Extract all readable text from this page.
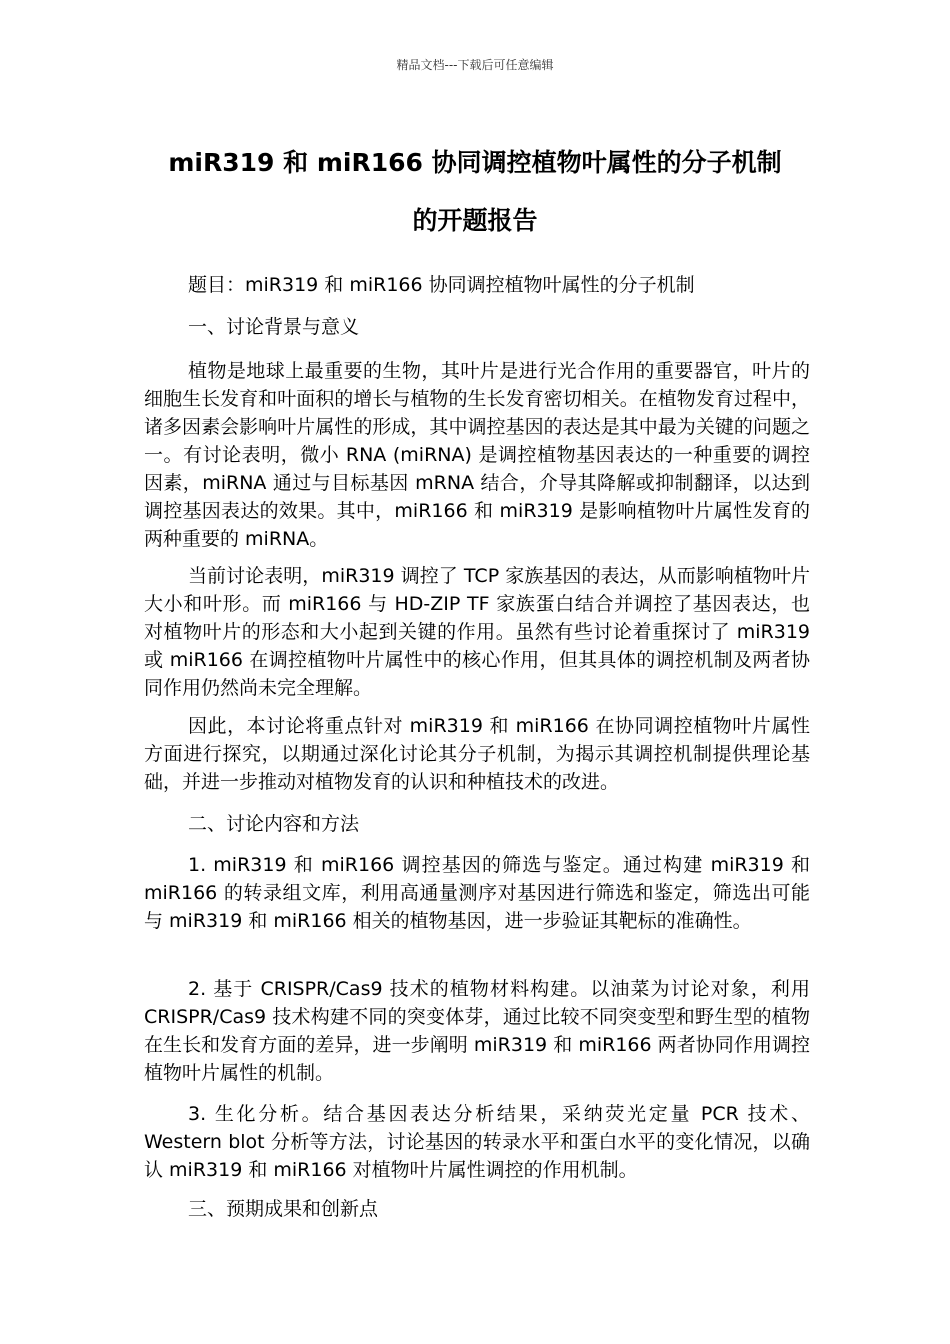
精品文档---下载后可任意编辑
miR319 和 miR166 协同调控植物叶属性的分子机制
的开题报告

题目：miR319 和 miR166 协同调控植物叶属性的分子机制

一、讨论背景与意义

植物是地球上最重要的生物，其叶片是进行光合作用的重要器官，叶片的细胞生长发育和叶面积的增长与植物的生长发育密切相关。在植物发育过程中，诸多因素会影响叶片属性的形成，其中调控基因的表达是其中最为关键的问题之一。有讨论表明，微小 RNA (miRNA) 是调控植物基因表达的一种重要的调控因素，miRNA 通过与目标基因 mRNA 结合，介导其降解或抑制翻译，以达到调控基因表达的效果。其中，miR166 和 miR319 是影响植物叶片属性发育的两种重要的 miRNA。

当前讨论表明，miR319 调控了 TCP 家族基因的表达，从而影响植物叶片大小和叶形。而 miR166 与 HD-ZIP TF 家族蛋白结合并调控了基因表达，也对植物叶片的形态和大小起到关键的作用。虽然有些讨论着重探讨了 miR319 或 miR166 在调控植物叶片属性中的核心作用，但其具体的调控机制及两者协同作用仍然尚未完全理解。

因此，本讨论将重点针对 miR319 和 miR166 在协同调控植物叶片属性方面进行探究，以期通过深化讨论其分子机制，为揭示其调控机制提供理论基础，并进一步推动对植物发育的认识和种植技术的改进。

二、讨论内容和方法

1. miR319 和 miR166 调控基因的筛选与鉴定。通过构建 miR319 和 miR166 的转录组文库，利用高通量测序对基因进行筛选和鉴定，筛选出可能与 miR319 和 miR166 相关的植物基因，进一步验证其靶标的准确性。

2. 基于 CRISPR/Cas9 技术的植物材料构建。以油菜为讨论对象，利用 CRISPR/Cas9 技术构建不同的突变体芽，通过比较不同突变型和野生型的植物在生长和发育方面的差异，进一步阐明 miR319 和 miR166 两者协同作用调控植物叶片属性的机制。

3. 生化分析。结合基因表达分析结果，采纳荧光定量 PCR 技术、Western blot 分析等方法，讨论基因的转录水平和蛋白水平的变化情况，以确认 miR319 和 miR166 对植物叶片属性调控的作用机制。

三、预期成果和创新点
